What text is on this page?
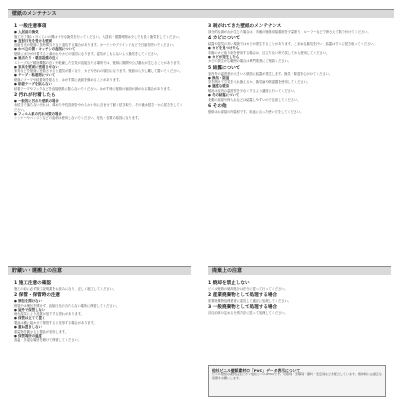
壁紙のメンテナンス
1 一般注意事項
● 入居前の換気
施工完了後1ヶ月くらいの間は十分な換気を行ってください。入居前・据置時期は少しでも長く換気をしてください。
● 直射日光を受ける壁面
直射日光が壁面に長時間当たると退色する場合があります。カーテンやブラインドなどで日射を防いでください。
● かべ立の間・キッチンの湿気について
壁紙に水分が付着すると剥がれやカビの原因になります。湿気がこもらないよう換気をしてください。
● 風当たり・暖房設備の近く
ストーブなど暖房機器の近くや乾燥した空気が直接当たる場所では、壁紙に隙間やひび割れが生じることがあります。
● 家具を壁面に密着させない
家具などを壁面に密着させると通気が悪くなり、カビや汚れの原因になります。壁面から少し離して置いてください。
● テープ・粘着剤について
壁面にテープや粘着剤を貼ると、はがす際に表面を傷めることがあります。
● 粘着テープを貼らない
粘着テープやフックなどを直接壁紙に貼らないでください。はがす時に壁紙の表面が剥がれる場合があります。
2 汚れが付着したら
● 一般的に汚れた壁紙の場合
水拭きで落ちない汚れは、薄めた中性洗剤をやわらかい布に含ませて軽く拭き取り、その後水拭き・から拭きをしてください。
● フィルム系の汚れ対策の場合
シンナーやベンジンなどの溶剤は使用しないでください。変色・変質の原因になります。
3 剥がれてきた壁紙のメンテナンス
部分的な剥がれが生じた場合は、市販の壁紙用接着剤を少量塗り、ローラーなどで押さえて貼り付けてください。
4 カビについて
結露や湿気の多い環境ではカビが発生することがあります。こまめな換気を行い、結露はすぐに拭き取ってください。
● カビを見つけたら
市販のカビ取り剤を使用する場合は、目立たない所で試してから使用してください。
● カビが発生したら
カビの発生が広範囲の場合は専門業者にご相談ください。
5 結露について
室内外の温度差が大きいと壁面に結露が発生します。換気・除湿を心がけてください。
● 換気・除湿
窓を開けて空気を入れ換えるか、換気扇や除湿器を使用してください。
● 適度な暖房
暖房は室内の温度差を少なくするよう適度に行ってください。
● 冬の結露について
北側の部屋や押入れなどは結露しやすいので注意してください。
6 その他
壁紙はお部屋の内装材です。用途に合った使い方をしてください。
貯蔵い・運搬上の注意	廃棄上の注意
1 施工注意の確認
施工の前に必ず施工説明書をお読みになり、正しく施工してください。
2 保管・保管時の注意
● 梱包を開けない
保管中は梱包を開けず、直射日光の当たらない場所に保管してください。
● 屋外で保管しない
雨や湿気により品質が低下する恐れがあります。
● 保管は立てて置く
製品は横に寝かせて保管すると変形する場合があります。
● 重ね置きしない
重量物を載せると製品が変形します。
● 保管場所の温度
高温・多湿な場所を避けて保管してください。
1 焼却を禁止しない
ビニル壁紙の焼却処分は法令に従って行ってください。
2 産業廃棄物として処理する場合
産業廃棄物処理業者に委託して適正に処理してください。
3 一般廃棄物として処理する場合
各自治体の定める分別方法に従って処理してください。
他社ビニル壁紙素材の「PVC」データ表示について
ビニル壁紙の素材は主にポリ塩化ビニル(PVC)です。可塑剤・充填剤・顔料・安定剤などを配合しています。焼却時には適正な処理をお願いします。
